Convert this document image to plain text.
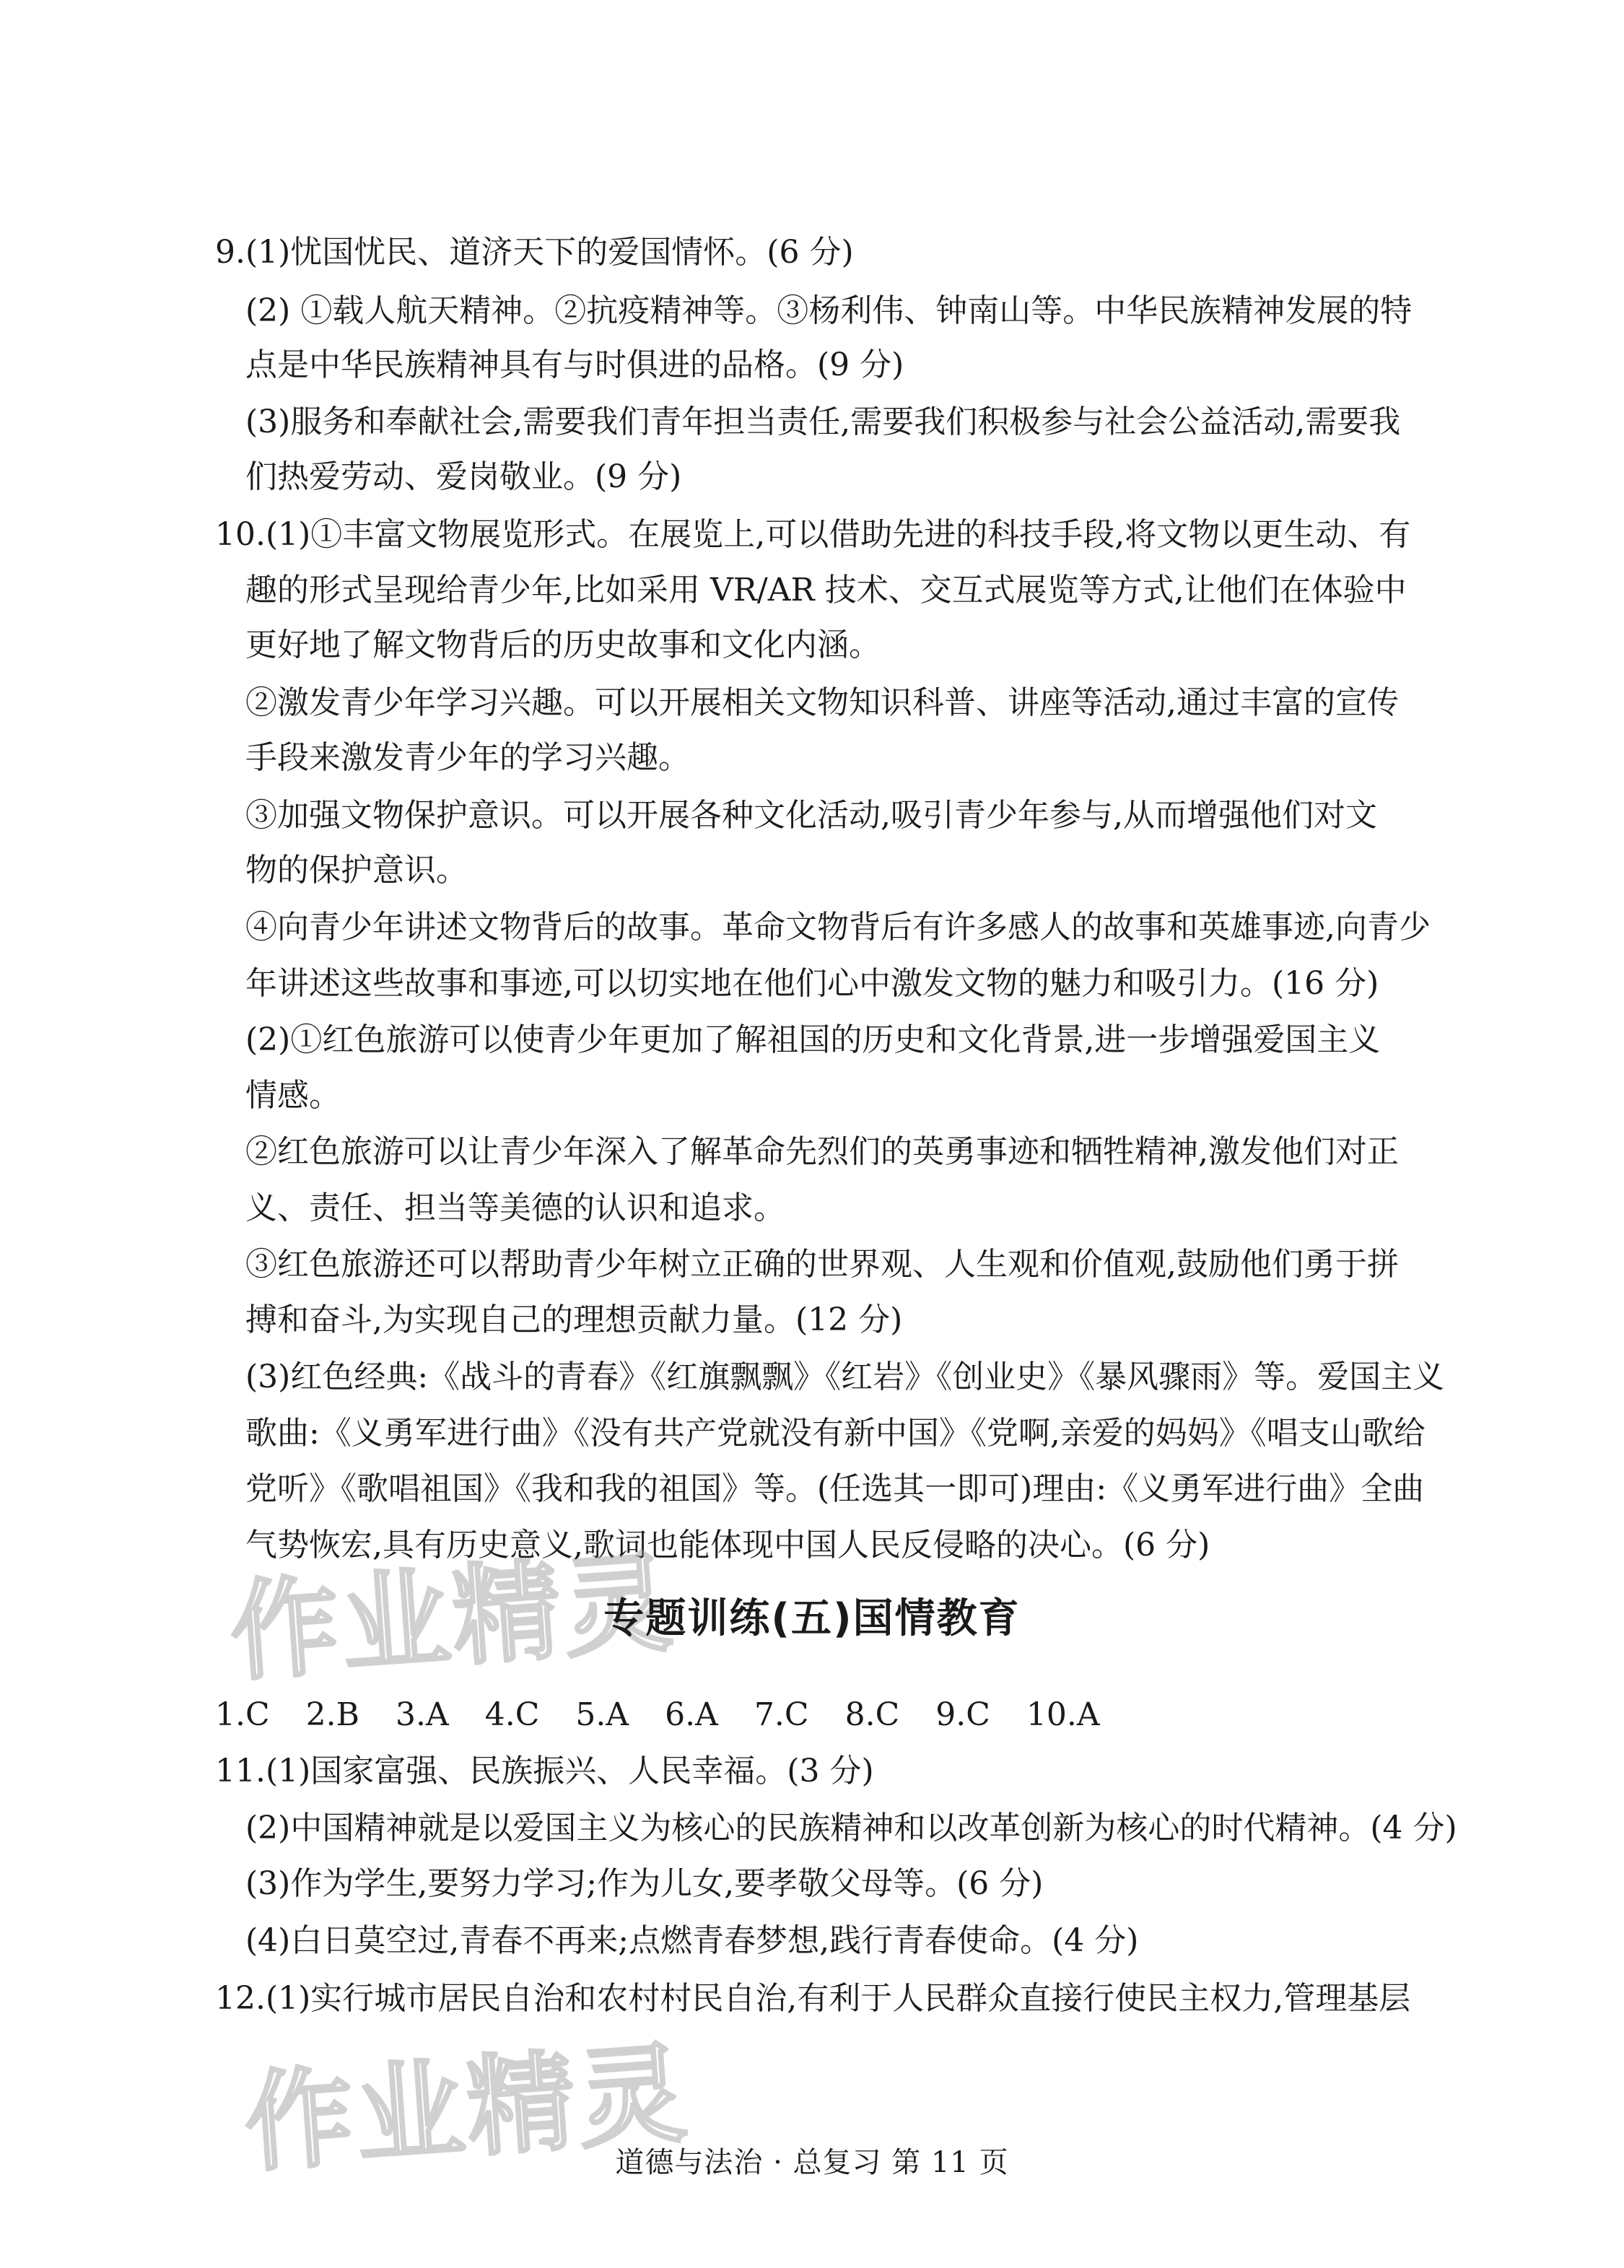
9.(1)忧国忧民、道济天下的爱国情怀。(6 分)
(2) ①载人航天精神。②抗疫精神等。③杨利伟、钟南山等。中华民族精神发展的特
点是中华民族精神具有与时俱进的品格。(9 分)
(3)服务和奉献社会,需要我们青年担当责任,需要我们积极参与社会公益活动,需要我
们热爱劳动、爱岗敬业。(9 分)
10.(1)①丰富文物展览形式。在展览上,可以借助先进的科技手段,将文物以更生动、有
趣的形式呈现给青少年,比如采用 VR/AR 技术、交互式展览等方式,让他们在体验中
更好地了解文物背后的历史故事和文化内涵。
②激发青少年学习兴趣。可以开展相关文物知识科普、讲座等活动,通过丰富的宣传
手段来激发青少年的学习兴趣。
③加强文物保护意识。可以开展各种文化活动,吸引青少年参与,从而增强他们对文
物的保护意识。
④向青少年讲述文物背后的故事。革命文物背后有许多感人的故事和英雄事迹,向青少
年讲述这些故事和事迹,可以切实地在他们心中激发文物的魅力和吸引力。(16 分)
(2)①红色旅游可以使青少年更加了解祖国的历史和文化背景,进一步增强爱国主义
情感。
②红色旅游可以让青少年深入了解革命先烈们的英勇事迹和牺牲精神,激发他们对正
义、责任、担当等美德的认识和追求。
③红色旅游还可以帮助青少年树立正确的世界观、人生观和价值观,鼓励他们勇于拼
搏和奋斗,为实现自己的理想贡献力量。(12 分)
(3)红色经典:《战斗的青春》《红旗飘飘》《红岩》《创业史》《暴风骤雨》等。爱国主义
歌曲:《义勇军进行曲》《没有共产党就没有新中国》《党啊,亲爱的妈妈》《唱支山歌给
党听》《歌唱祖国》《我和我的祖国》等。(任选其一即可)理由:《义勇军进行曲》全曲
气势恢宏,具有历史意义,歌词也能体现中国人民反侵略的决心。(6 分)
作业精灵
专题训练(五)国情教育
1.C 2.B 3.A 4.C 5.A 6.A 7.C 8.C 9.C 10.A
11.(1)国家富强、民族振兴、人民幸福。(3 分)
(2)中国精神就是以爱国主义为核心的民族精神和以改革创新为核心的时代精神。(4 分)
(3)作为学生,要努力学习;作为儿女,要孝敬父母等。(6 分)
(4)白日莫空过,青春不再来;点燃青春梦想,践行青春使命。(4 分)
12.(1)实行城市居民自治和农村村民自治,有利于人民群众直接行使民主权力,管理基层
作业精灵
道德与法治 · 总复习 第 11 页
